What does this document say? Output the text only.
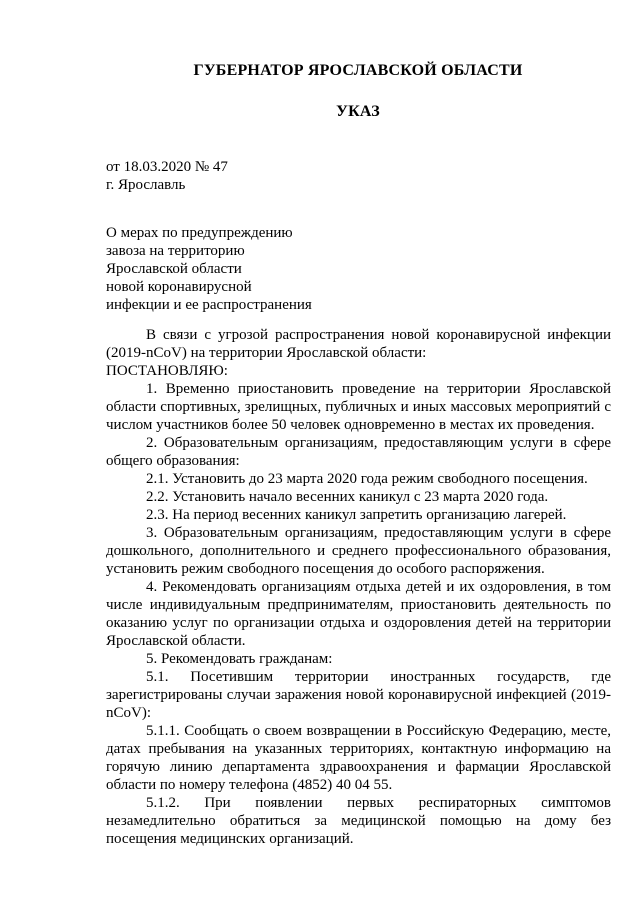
ГУБЕРНАТОР ЯРОСЛАВСКОЙ ОБЛАСТИ
УКАЗ
от 18.03.2020 № 47
г. Ярославль
О мерах по предупреждению
завоза на территорию
Ярославской области
новой коронавирусной
инфекции и ее распространения

В связи с угрозой распространения новой коронавирусной инфекции (2019-nCoV) на территории Ярославской области:

ПОСТАНОВЛЯЮ:

1. Временно приостановить проведение на территории Ярославской области спортивных, зрелищных, публичных и иных массовых мероприятий с числом участников более 50 человек одновременно в местах их проведения.

2. Образовательным организациям, предоставляющим услуги в сфере общего образования:

2.1. Установить до 23 марта 2020 года режим свободного посещения.

2.2. Установить начало весенних каникул с 23 марта 2020 года.

2.3. На период весенних каникул запретить организацию лагерей.

3. Образовательным организациям, предоставляющим услуги в сфере дошкольного, дополнительного и среднего профессионального образования, установить режим свободного посещения до особого распоряжения.

4. Рекомендовать организациям отдыха детей и их оздоровления, в том числе индивидуальным предпринимателям, приостановить деятельность по оказанию услуг по организации отдыха и оздоровления детей на территории Ярославской области.

5. Рекомендовать гражданам:

5.1. Посетившим территории иностранных государств, где зарегистрированы случаи заражения новой коронавирусной инфекцией (2019-nCoV):

5.1.1. Сообщать о своем возвращении в Российскую Федерацию, месте, датах пребывания на указанных территориях, контактную информацию на горячую линию департамента здравоохранения и фармации Ярославской области по номеру телефона (4852) 40 04 55.

5.1.2. При появлении первых респираторных симптомов незамедлительно обратиться за медицинской помощью на дому без посещения медицинских организаций.
